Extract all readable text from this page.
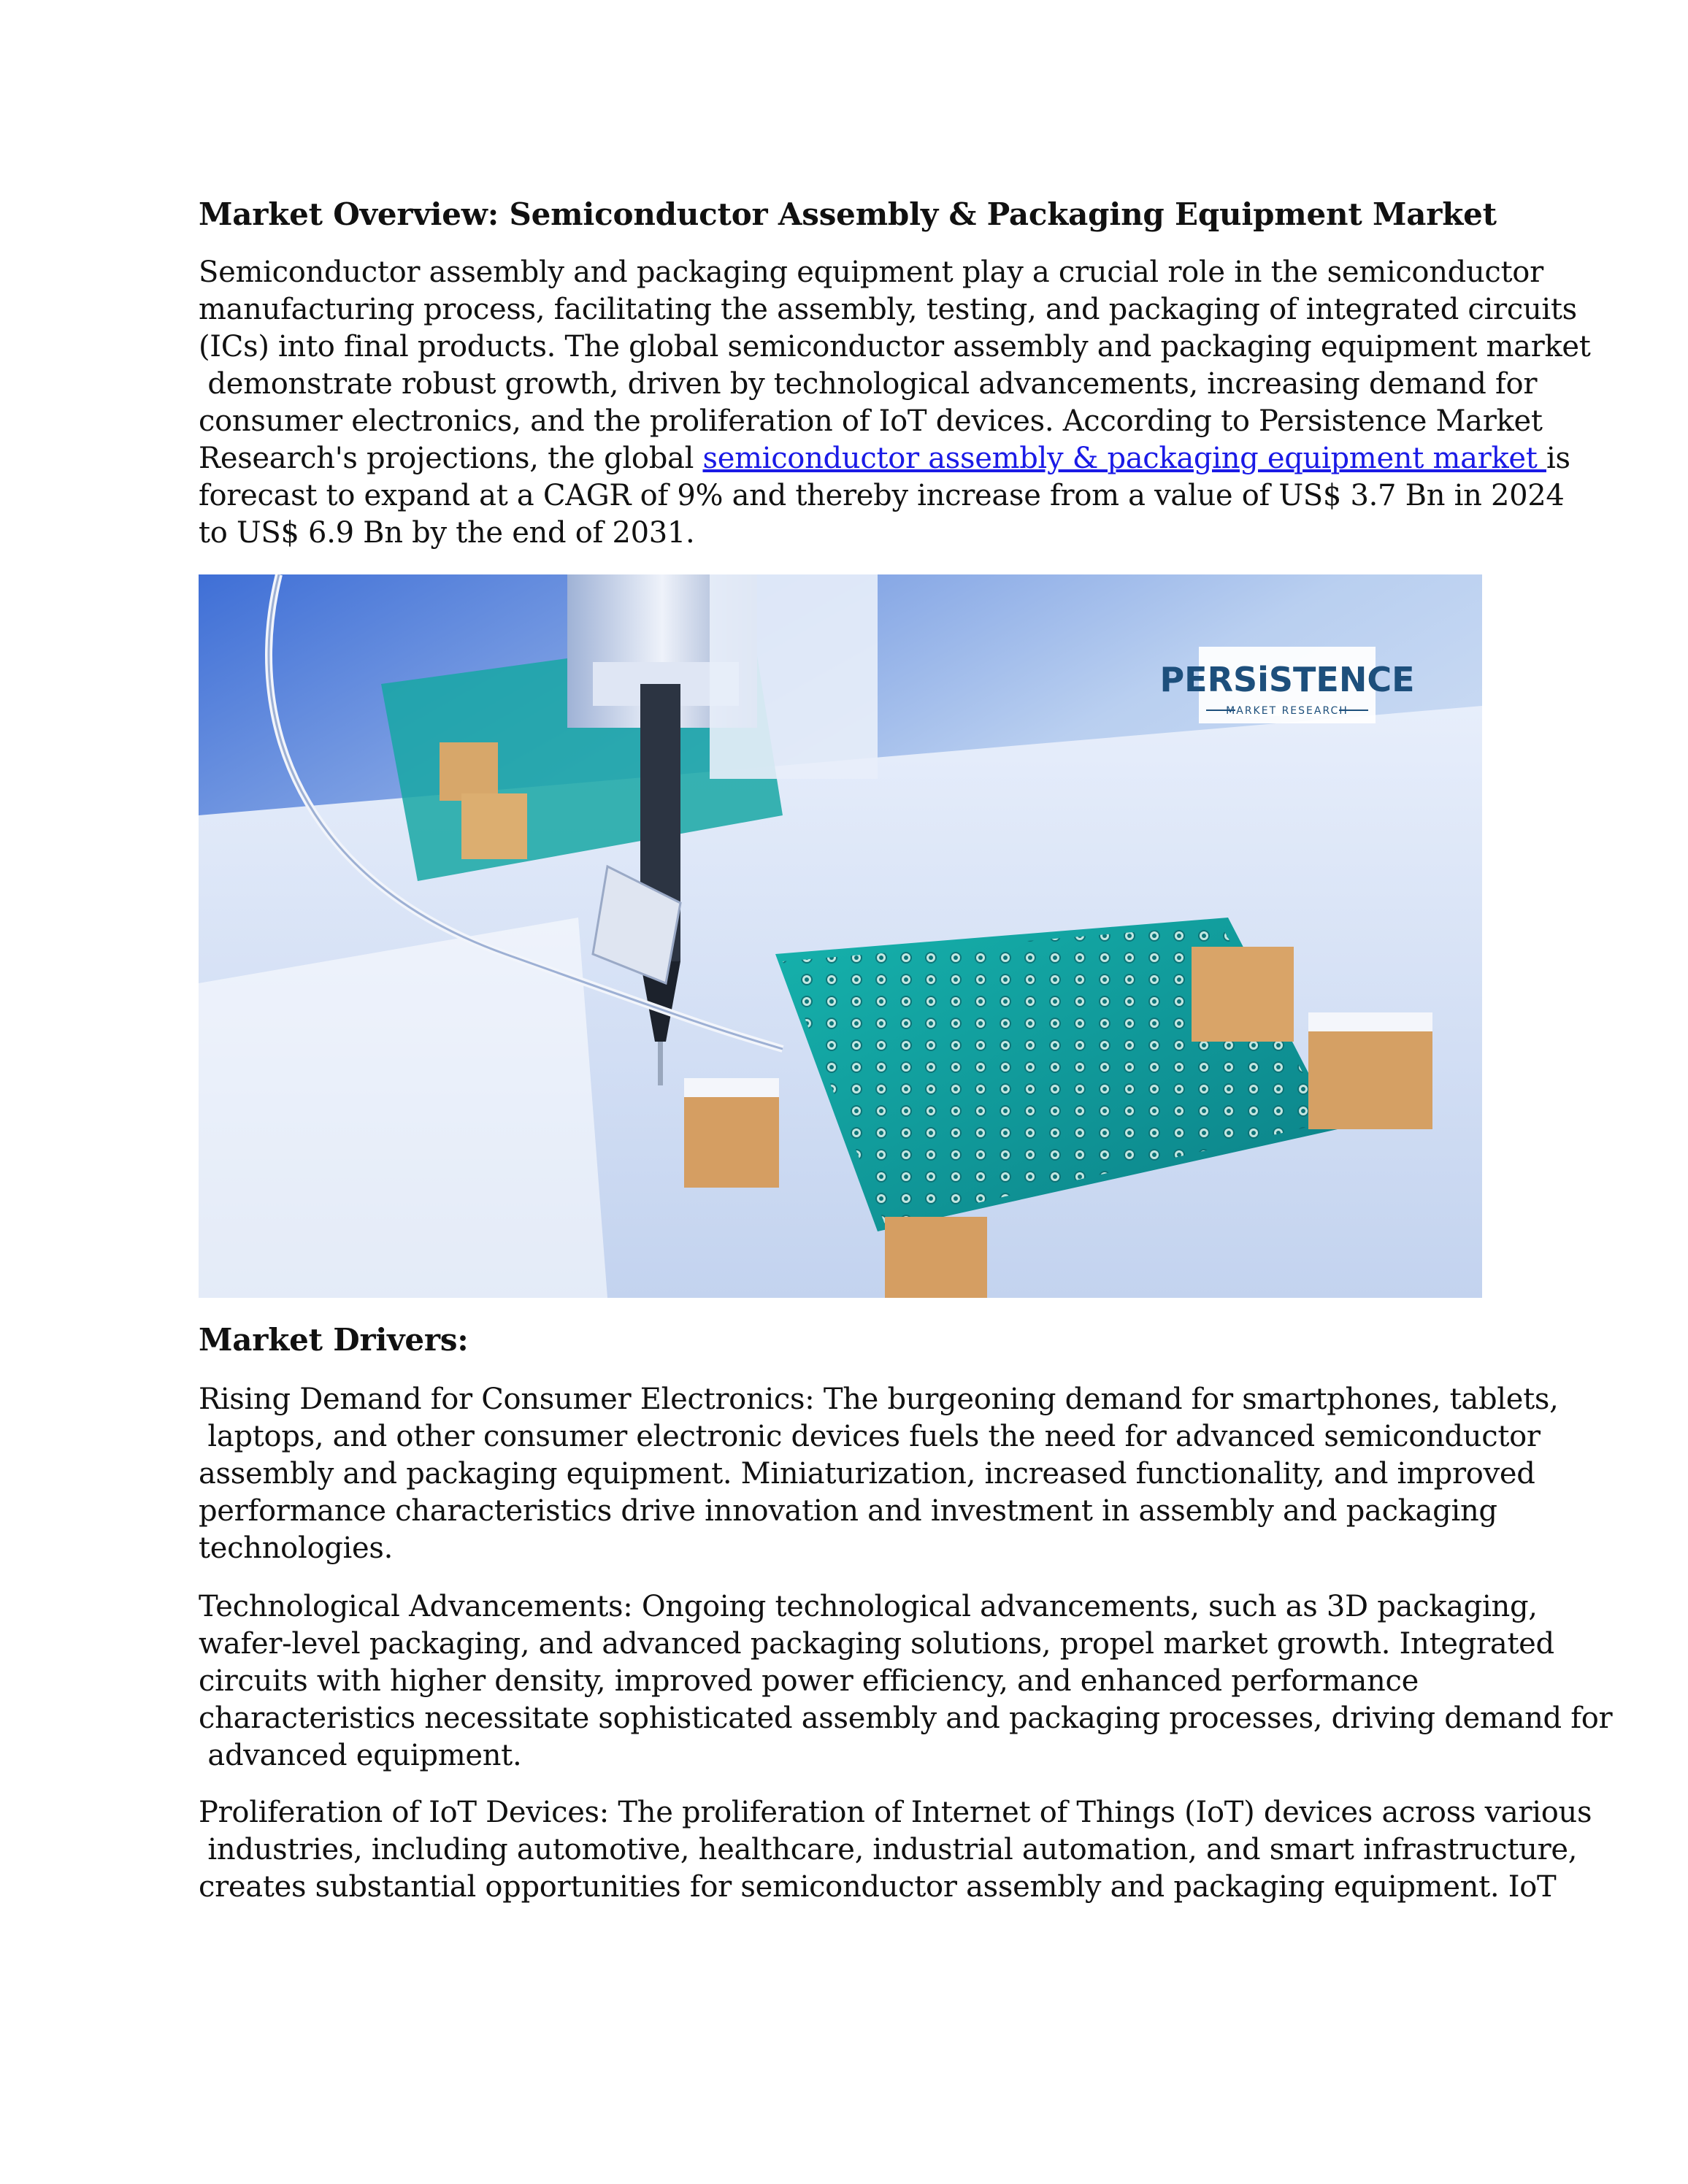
Market Overview: Semiconductor Assembly & Packaging Equipment Market
Semiconductor assembly and packaging equipment play a crucial role in the semiconductor
manufacturing process, facilitating the assembly, testing, and packaging of integrated circuits
(ICs) into final products. The global semiconductor assembly and packaging equipment market
demonstrate robust growth, driven by technological advancements, increasing demand for
consumer electronics, and the proliferation of IoT devices. According to Persistence Market
Research's projections, the global semiconductor assembly & packaging equipment market is
forecast to expand at a CAGR of 9% and thereby increase from a value of US$ 3.7 Bn in 2024
to US$ 6.9 Bn by the end of 2031.
PERSiSTENCE
MARKET RESEARCH
Market Drivers:
Rising Demand for Consumer Electronics: The burgeoning demand for smartphones, tablets,
laptops, and other consumer electronic devices fuels the need for advanced semiconductor
assembly and packaging equipment. Miniaturization, increased functionality, and improved
performance characteristics drive innovation and investment in assembly and packaging
technologies.
Technological Advancements: Ongoing technological advancements, such as 3D packaging,
wafer-level packaging, and advanced packaging solutions, propel market growth. Integrated
circuits with higher density, improved power efficiency, and enhanced performance
characteristics necessitate sophisticated assembly and packaging processes, driving demand for
advanced equipment.
Proliferation of IoT Devices: The proliferation of Internet of Things (IoT) devices across various
industries, including automotive, healthcare, industrial automation, and smart infrastructure,
creates substantial opportunities for semiconductor assembly and packaging equipment. IoT
